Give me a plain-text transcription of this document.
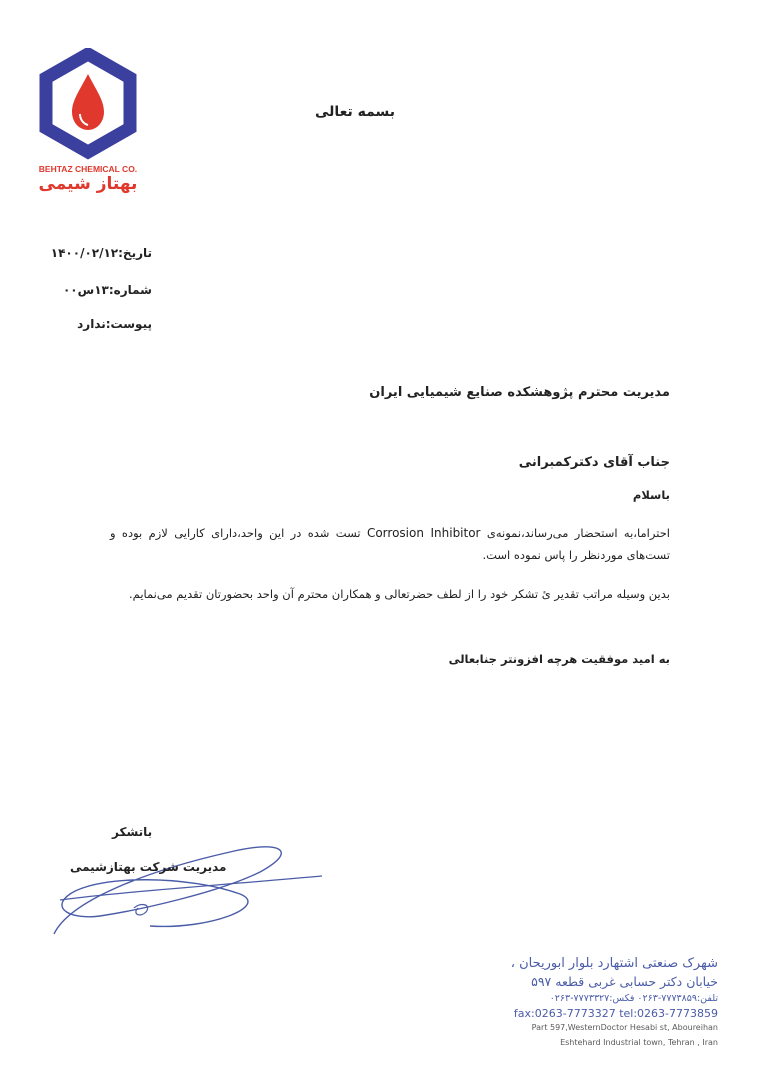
BEHTAZ CHEMICAL CO.
بهتاز شیمی
بسمه تعالی
تاریخ:۱۴۰۰/۰۲/۱۲
شماره:۱۳س۰۰
پیوست:ندارد
مدیریت محترم پژوهشکده صنایع شیمیایی ایران
جناب آقای دکترکمبرانی
باسلام
احتراما،به استحضار می‌رساند،نمونه‌ی Corrosion Inhibitor تست شده در این واحد،دارای کارایی لازم بوده و تست‌های موردنظر را پاس نموده است.
بدین وسیله مراتب تقدیر ئ تشکر خود را از لطف حضرتعالی و همکاران محترم آن واحد بحضورتان تقدیم می‌نمایم.
به امید موفقیت هرچه افزونتر جنابعالی
باتشکر
مدیریت شرکت بهتازشیمی
شهرک صنعتی اشتهارد بلوار ابوریحان ،
خیابان دکتر حسابی غربی قطعه ۵۹۷
تلفن:۷۷۷۳۸۵۹-۰۲۶۳ فکس:۷۷۷۳۳۲۷-۰۲۶۳
fax:0263-7773327 tel:0263-7773859
Part 597,WesternDoctor Hesabi st, Aboureihan
Eshtehard Industrial town, Tehran , Iran
